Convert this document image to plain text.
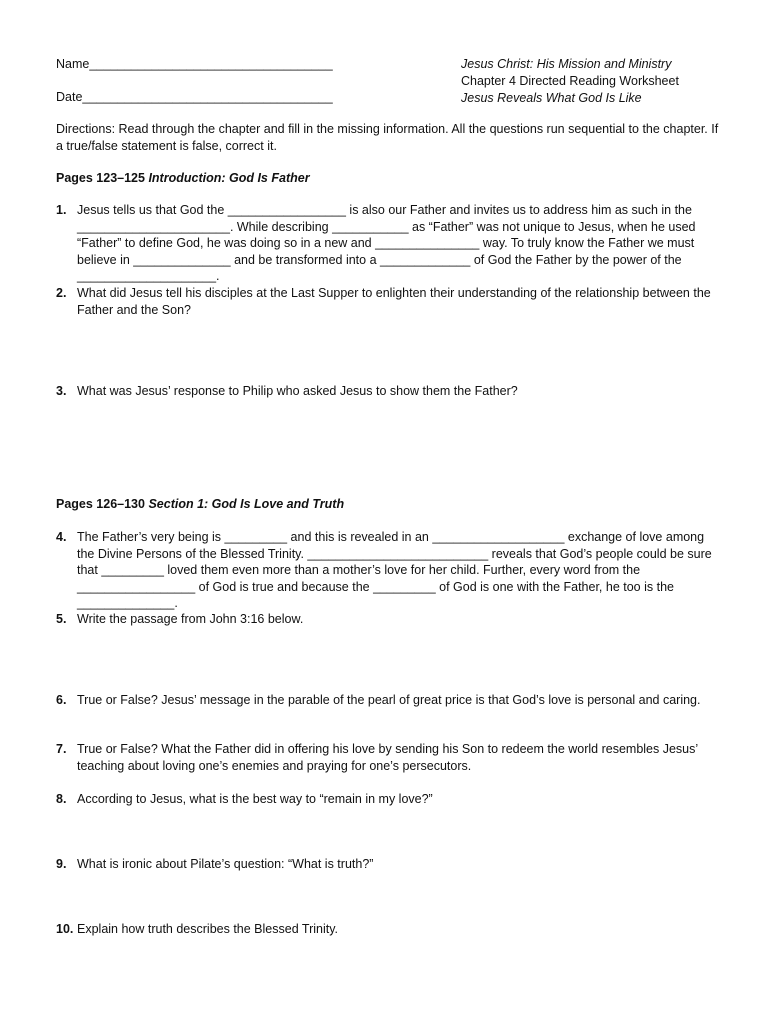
Name___________________________________
Date____________________________________
Jesus Christ: His Mission and Ministry
Chapter 4 Directed Reading Worksheet
Jesus Reveals What God Is Like
Directions: Read through the chapter and fill in the missing information. All the questions run sequential to the chapter. If a true/false statement is false, correct it.
Pages 123–125 Introduction: God Is Father
1. Jesus tells us that God the _________________ is also our Father and invites us to address him as such in the ______________________. While describing ___________ as “Father” was not unique to Jesus, when he used “Father” to define God, he was doing so in a new and _______________ way. To truly know the Father we must believe in ______________ and be transformed into a _____________ of God the Father by the power of the ____________________.
2. What did Jesus tell his disciples at the Last Supper to enlighten their understanding of the relationship between the Father and the Son?
3. What was Jesus’ response to Philip who asked Jesus to show them the Father?
Pages 126–130 Section 1: God Is Love and Truth
4. The Father’s very being is _________ and this is revealed in an ___________________ exchange of love among the Divine Persons of the Blessed Trinity. __________________________ reveals that God’s people could be sure that _________ loved them even more than a mother’s love for her child. Further, every word from the _________________ of God is true and because the _________ of God is one with the Father, he too is the ______________.
5. Write the passage from John 3:16 below.
6. True or False? Jesus’ message in the parable of the pearl of great price is that God’s love is personal and caring.
7. True or False? What the Father did in offering his love by sending his Son to redeem the world resembles Jesus’ teaching about loving one’s enemies and praying for one’s persecutors.
8. According to Jesus, what is the best way to “remain in my love?”
9. What is ironic about Pilate’s question: “What is truth?”
10. Explain how truth describes the Blessed Trinity.
